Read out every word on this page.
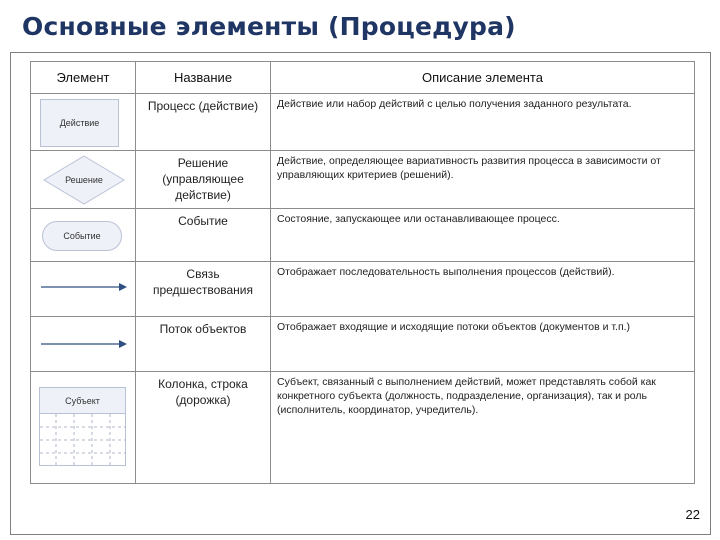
Основные элементы (Процедура)
Элемент	Название	Описание элемента

Действие	Процесс (действие)	Действие или набор действий с целью получения заданного результата.

Решение	Решение (управляющее действие)	Действие, определяющее вариативность развития процесса в зависимости от управляющих критериев (решений).

Событие	Событие	Состояние, запускающее или останавливающее процесс.

	Связь предшествования	Отображает последовательность выполнения процессов (действий).

	Поток объектов	Отображает входящие и исходящие потоки объектов (документов и т.п.)

Субъект	Колонка, строка (дорожка)	Субъект, связанный с выполнением действий, может представлять собой как конкретного субъекта (должность, подразделение, организация), так и роль (исполнитель, координатор, учредитель).
22
